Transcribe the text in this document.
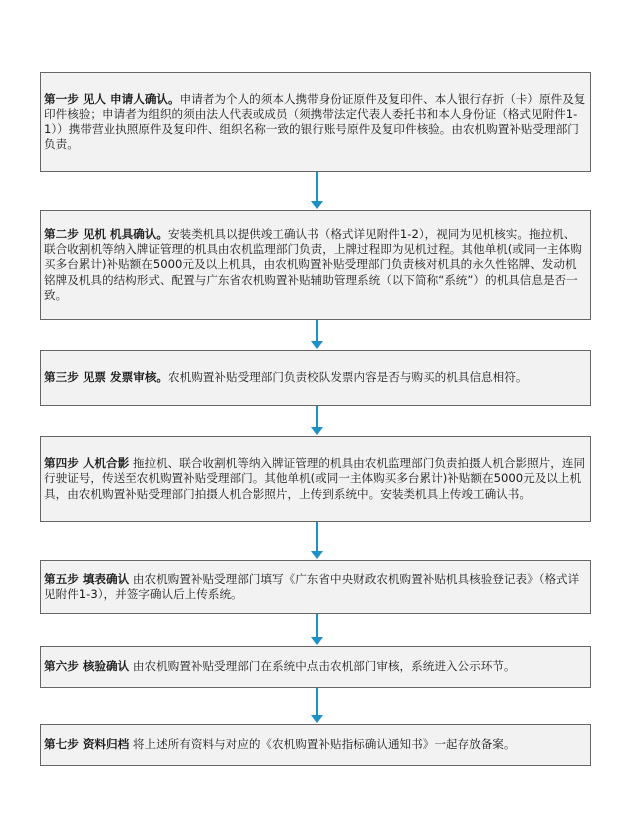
第一步 见人 申请人确认。申请者为个人的须本人携带身份证原件及复印件、本人银行存折（卡）原件及复印件核验；申请者为组织的须由法人代表或成员（须携带法定代表人委托书和本人身份证（格式见附件1-1））携带营业执照原件及复印件、组织名称一致的银行账号原件及复印件核验。由农机购置补贴受理部门负责。
第二步 见机 机具确认。安装类机具以提供竣工确认书（格式详见附件1-2），视同为见机核实。拖拉机、联合收割机等纳入牌证管理的机具由农机监理部门负责，上牌过程即为见机过程。其他单机(或同一主体购买多台累计)补贴额在5000元及以上机具，由农机购置补贴受理部门负责核对机具的永久性铭牌、发动机铭牌及机具的结构形式、配置与广东省农机购置补贴辅助管理系统（以下简称“系统”）的机具信息是否一致。
第三步 见票 发票审核。农机购置补贴受理部门负责校队发票内容是否与购买的机具信息相符。
第四步 人机合影 拖拉机、联合收割机等纳入牌证管理的机具由农机监理部门负责拍摄人机合影照片，连同行驶证号，传送至农机购置补贴受理部门。其他单机(或同一主体购买多台累计)补贴额在5000元及以上机具，由农机购置补贴受理部门拍摄人机合影照片，上传到系统中。安装类机具上传竣工确认书。
第五步 填表确认 由农机购置补贴受理部门填写《广东省中央财政农机购置补贴机具核验登记表》（格式详见附件1-3），并签字确认后上传系统。
第六步 核验确认 由农机购置补贴受理部门在系统中点击农机部门审核，系统进入公示环节。
第七步 资料归档 将上述所有资料与对应的《农机购置补贴指标确认通知书》一起存放备案。
